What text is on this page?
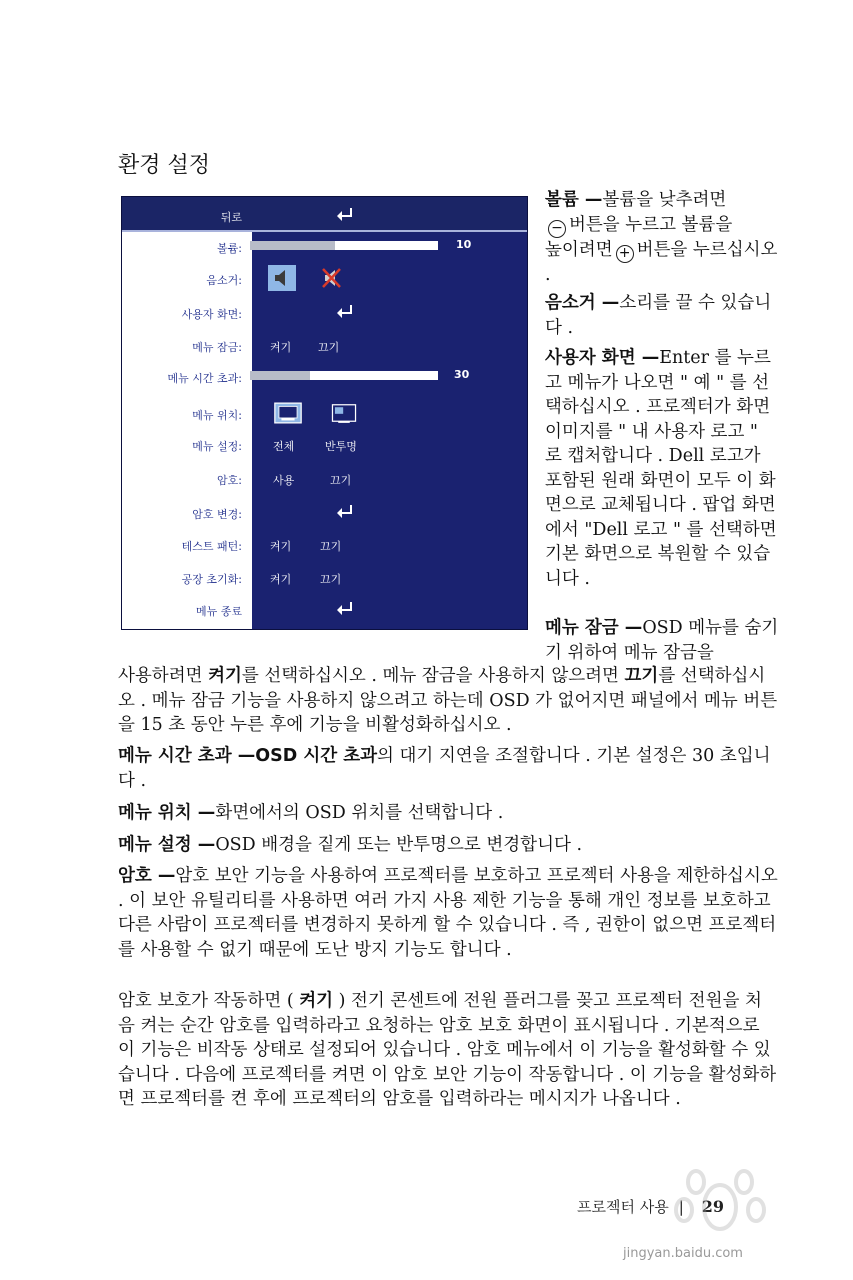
환경 설정
뒤로
볼륨:	10
음소거:
사용자 화면:
메뉴 잠금:	켜기 끄기
메뉴 시간 초과:	30
메뉴 위치:
메뉴 설정:	전체	반투명
암호:	사용	끄기
암호 변경:
테스트 패턴:	켜기	끄기
공장 초기화:	켜기	끄기
메뉴 종료
볼륨 —볼륨을 낮추려면
− 버튼을 누르고 볼륨을
높이려면 + 버튼을 누르십시오 .
음소거 —소리를 끌 수 있습니다 .
사용자 화면 —Enter 를 누르고 메뉴가 나오면 " 예 " 를 선택하십시오 . 프로젝터가 화면 이미지를 " 내 사용자 로고 " 로 캡처합니다 . Dell 로고가 포함된 원래 화면이 모두 이 화면으로 교체됩니다 . 팝업 화면에서 "Dell 로고 " 를 선택하면 기본 화면으로 복원할 수 있습니다 .
메뉴 잠금 —OSD 메뉴를 숨기기 위하여 메뉴 잠금을
사용하려면 켜기를 선택하십시오 . 메뉴 잠금을 사용하지 않으려면 끄기를 선택하십시오 . 메뉴 잠금 기능을 사용하지 않으려고 하는데 OSD 가 없어지면 패널에서 메뉴 버튼을 15 초 동안 누른 후에 기능을 비활성화하십시오 .
메뉴 시간 초과 —OSD 시간 초과의 대기 지연을 조절합니다 . 기본 설정은 30 초입니다 .
메뉴 위치 —화면에서의 OSD 위치를 선택합니다 .
메뉴 설정 —OSD 배경을 짙게 또는 반투명으로 변경합니다 .
암호 —암호 보안 기능을 사용하여 프로젝터를 보호하고 프로젝터 사용을 제한하십시오 . 이 보안 유틸리티를 사용하면 여러 가지 사용 제한 기능을 통해 개인 정보를 보호하고 다른 사람이 프로젝터를 변경하지 못하게 할 수 있습니다 . 즉 , 권한이 없으면 프로젝터를 사용할 수 없기 때문에 도난 방지 기능도 합니다 .
암호 보호가 작동하면 ( 켜기 ) 전기 콘센트에 전원 플러그를 꽂고 프로젝터 전원을 처음 켜는 순간 암호를 입력하라고 요청하는 암호 보호 화면이 표시됩니다 . 기본적으로 이 기능은 비작동 상태로 설정되어 있습니다 . 암호 메뉴에서 이 기능을 활성화할 수 있습니다 . 다음에 프로젝터를 켜면 이 암호 보안 기능이 작동합니다 . 이 기능을 활성화하면 프로젝터를 켠 후에 프로젝터의 암호를 입력하라는 메시지가 나옵니다 .
프로젝터 사용 | 29
jingyan.baidu.com
